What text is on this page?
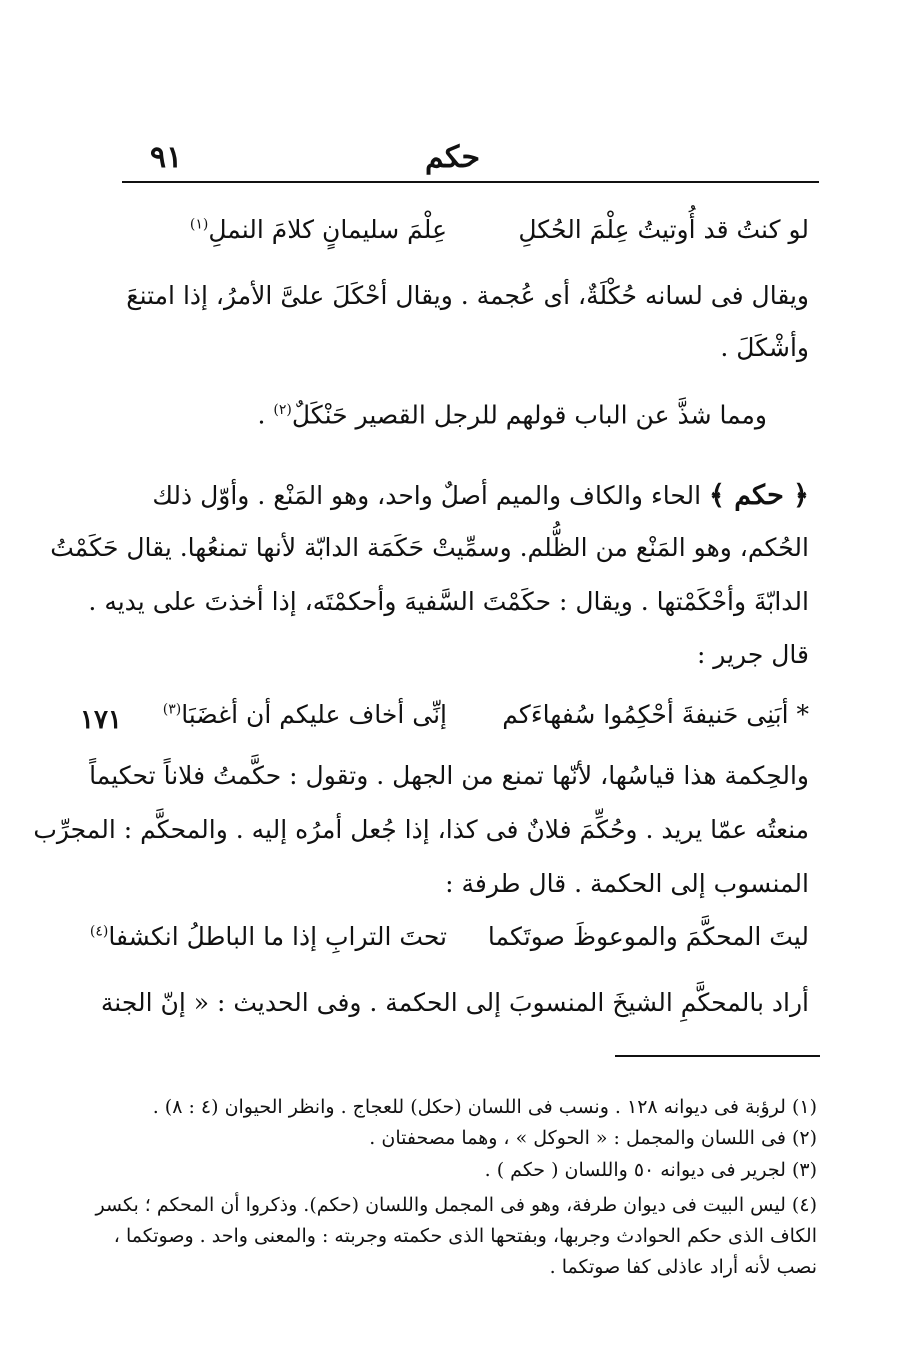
٩١	حكم
لو كنتُ قد أُوتيتُ عِلْمَ الحُكلِ
عِلْمَ سليمانٍ كلامَ النملِ$^{(١)}$
ويقال فى لسانه حُكْلَةٌ، أى عُجمة . ويقال أحْكَلَ علىَّ الأمرُ، إذا امتنعَ
وأشْكَلَ .
ومما شذَّ عن الباب قولهم للرجل القصير حَنْكَلٌ$^{(٢)}$ .
﴿ حكم ﴾ الحاء والكاف والميم أصلٌ واحد، وهو المَنْع . وأوّل ذلك
الحُكم، وهو المَنْع من الظُّلم. وسمِّيتْ حَكَمَة الدابّة لأنها تمنعُها. يقال حَكَمْتُ
الدابّةَ وأحْكَمْتها . ويقال : حكَمْتَ السَّفيهَ وأحكمْتَه، إذا أخذتَ على يديه .
قال جرير :
١٧١	* أبَنِى حَنيفةَ أحْكِمُوا سُفهاءَكم
إنِّى أخاف عليكم أن أغضَبَا$^{(٣)}$
والحِكمة هذا قياسُها، لأنّها تمنع من الجهل . وتقول : حكَّمتُ فلاناً تحكيماً
منعتُه عمّا يريد . وحُكِّمَ فلانٌ فى كذا، إذا جُعل أمرُه إليه . والمحكَّم : المجرِّب
المنسوب إلى الحكمة . قال طرفة :
ليتَ المحكَّمَ والموعوظَ صوتَكما
تحتَ الترابِ إذا ما الباطلُ انكشفا$^{(٤)}$
أراد بالمحكَّمِ الشيخَ المنسوبَ إلى الحكمة . وفى الحديث : « إنّ الجنة
(١) لرؤبة فى ديوانه ١٢٨ . ونسب فى اللسان (حكل) للعجاج . وانظر الحيوان (٤ : ٨) .
(٢) فى اللسان والمجمل : « الحوكل » ، وهما مصحفتان .
(٣) لجرير فى ديوانه ٥٠ واللسان ( حكم ) .
(٤) ليس البيت فى ديوان طرفة، وهو فى المجمل واللسان (حكم). وذكروا أن المحكم ؛ بكسر
الكاف الذى حكم الحوادث وجربها، وبفتحها الذى حكمته وجربته : والمعنى واحد . وصوتكما ،
نصب لأنه أراد عاذلى كفا صوتكما .
